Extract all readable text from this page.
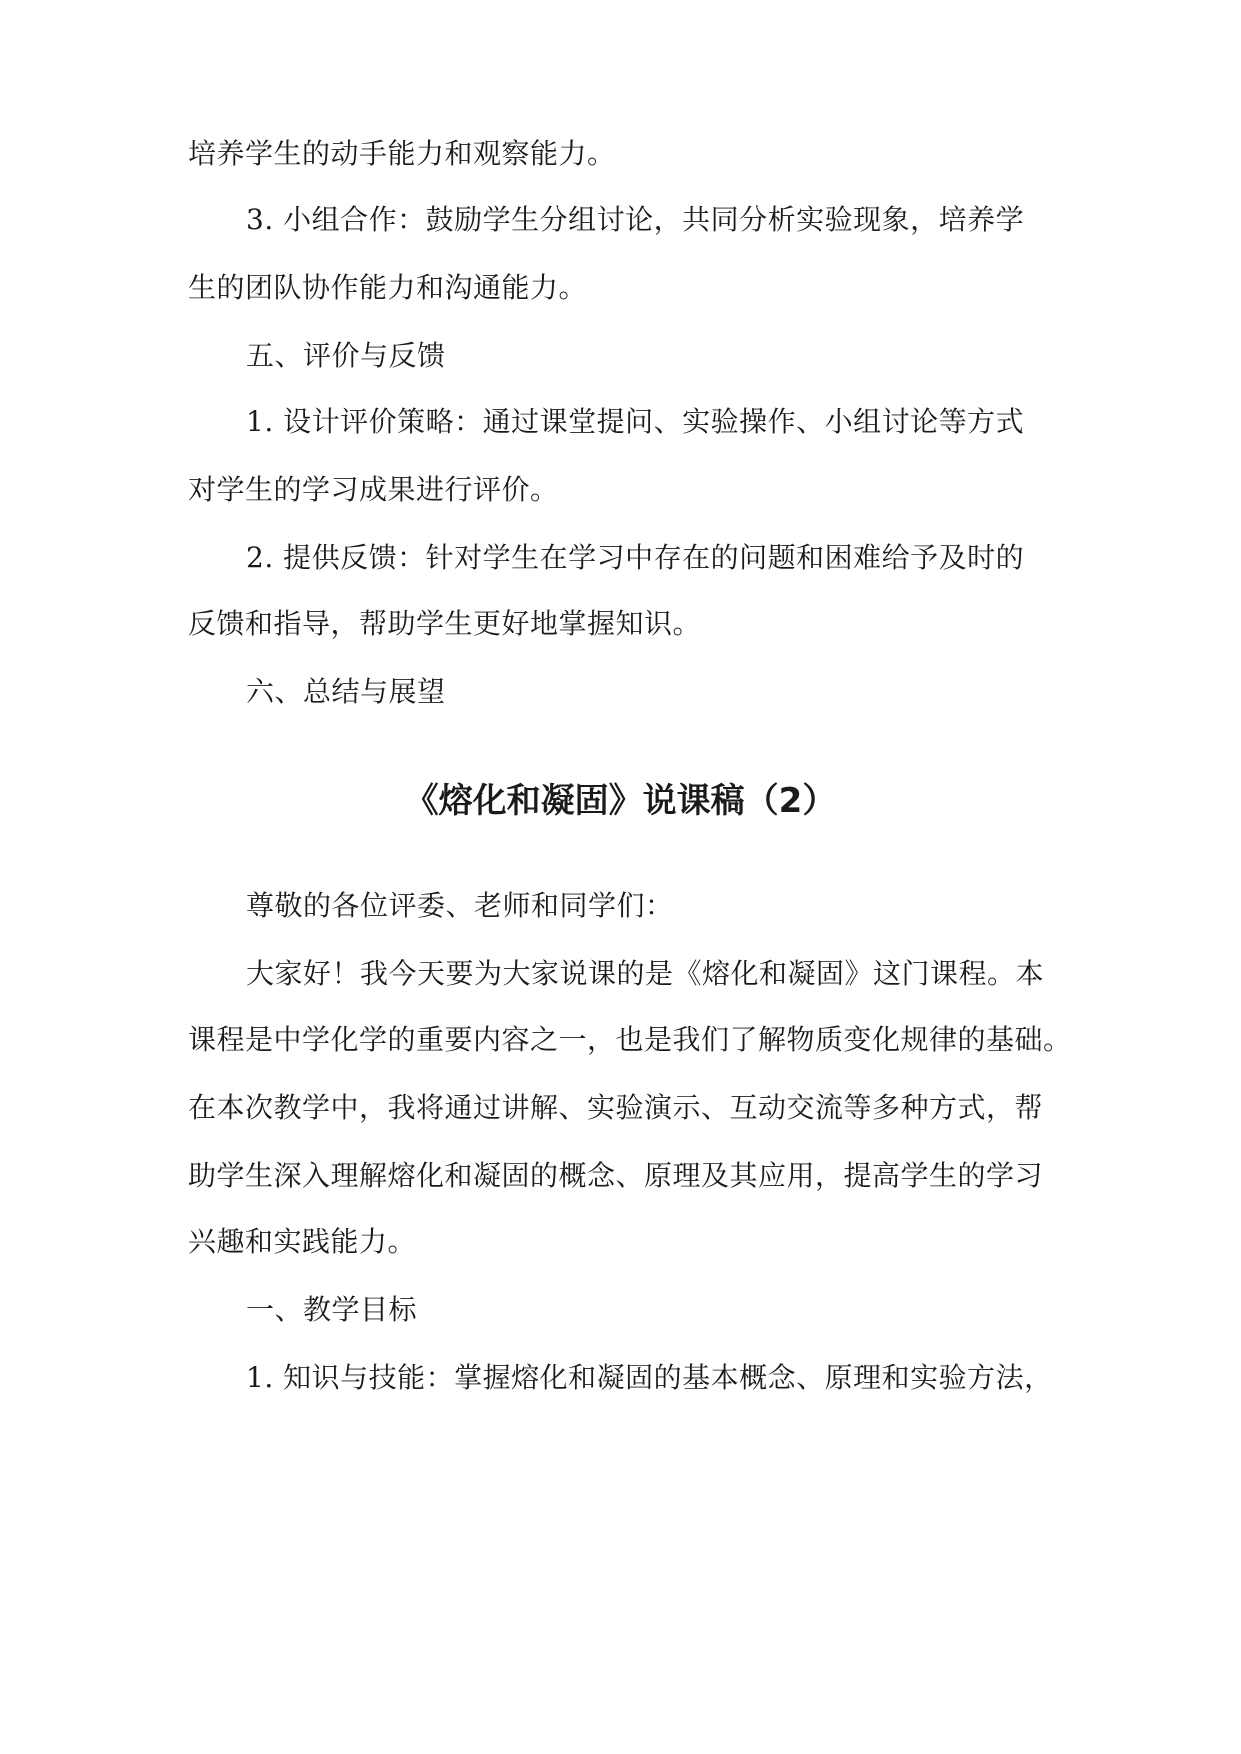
培养学生的动手能力和观察能力。
3. 小组合作：鼓励学生分组讨论，共同分析实验现象，培养学
生的团队协作能力和沟通能力。
五、评价与反馈
1. 设计评价策略：通过课堂提问、实验操作、小组讨论等方式
对学生的学习成果进行评价。
2. 提供反馈：针对学生在学习中存在的问题和困难给予及时的
反馈和指导，帮助学生更好地掌握知识。
六、总结与展望
《熔化和凝固》说课稿（2）
尊敬的各位评委、老师和同学们：
大家好！我今天要为大家说课的是《熔化和凝固》这门课程。本
课程是中学化学的重要内容之一，也是我们了解物质变化规律的基础。
在本次教学中，我将通过讲解、实验演示、互动交流等多种方式，帮
助学生深入理解熔化和凝固的概念、原理及其应用，提高学生的学习
兴趣和实践能力。
一、教学目标
1. 知识与技能：掌握熔化和凝固的基本概念、原理和实验方法，
